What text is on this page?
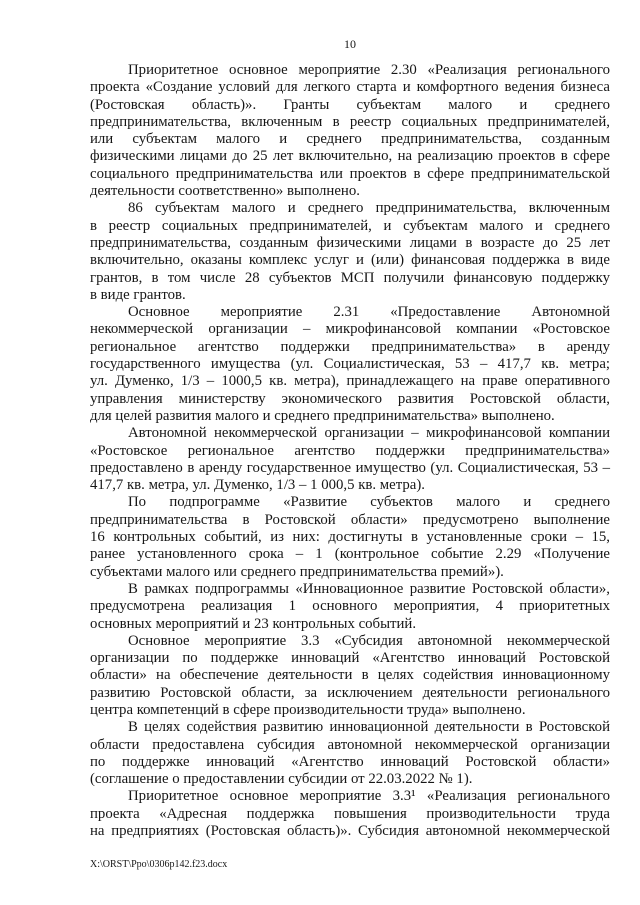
10
Приоритетное основное мероприятие 2.30 «Реализация регионального
проекта «Создание условий для легкого старта и комфортного ведения бизнеса
(Ростовская область)». Гранты субъектам малого и среднего
предпринимательства, включенным в реестр социальных предпринимателей,
или субъектам малого и среднего предпринимательства, созданным
физическими лицами до 25 лет включительно, на реализацию проектов в сфере
социального предпринимательства или проектов в сфере предпринимательской
деятельности соответственно» выполнено.
86 субъектам малого и среднего предпринимательства, включенным
в реестр социальных предпринимателей, и субъектам малого и среднего
предпринимательства, созданным физическими лицами в возрасте до 25 лет
включительно, оказаны комплекс услуг и (или) финансовая поддержка в виде
грантов, в том числе 28 субъектов МСП получили финансовую поддержку
в виде грантов.
Основное мероприятие 2.31 «Предоставление Автономной
некоммерческой организации – микрофинансовой компании «Ростовское
региональное агентство поддержки предпринимательства» в аренду
государственного имущества (ул. Социалистическая, 53 – 417,7 кв. метра;
ул. Думенко, 1/3 – 1000,5 кв. метра), принадлежащего на праве оперативного
управления министерству экономического развития Ростовской области,
для целей развития малого и среднего предпринимательства» выполнено.
Автономной некоммерческой организации – микрофинансовой компании
«Ростовское региональное агентство поддержки предпринимательства»
предоставлено в аренду государственное имущество (ул. Социалистическая, 53 –
417,7 кв. метра, ул. Думенко, 1/3 – 1 000,5 кв. метра).
По подпрограмме «Развитие субъектов малого и среднего
предпринимательства в Ростовской области» предусмотрено выполнение
16 контрольных событий, из них: достигнуты в установленные сроки – 15,
ранее установленного срока – 1 (контрольное событие 2.29 «Получение
субъектами малого или среднего предпринимательства премий»).
В рамках подпрограммы «Инновационное развитие Ростовской области»,
предусмотрена реализация 1 основного мероприятия, 4 приоритетных
основных мероприятий и 23 контрольных событий.
Основное мероприятие 3.3 «Субсидия автономной некоммерческой
организации по поддержке инноваций «Агентство инноваций Ростовской
области» на обеспечение деятельности в целях содействия инновационному
развитию Ростовской области, за исключением деятельности регионального
центра компетенций в сфере производительности труда» выполнено.
В целях содействия развитию инновационной деятельности в Ростовской
области предоставлена субсидия автономной некоммерческой организации
по поддержке инноваций «Агентство инноваций Ростовской области»
(соглашение о предоставлении субсидии от 22.03.2022 № 1).
Приоритетное основное мероприятие 3.3¹ «Реализация регионального
проекта «Адресная поддержка повышения производительности труда
на предприятиях (Ростовская область)». Субсидия автономной некоммерческой
X:\ORST\Ppo\0306p142.f23.docx
